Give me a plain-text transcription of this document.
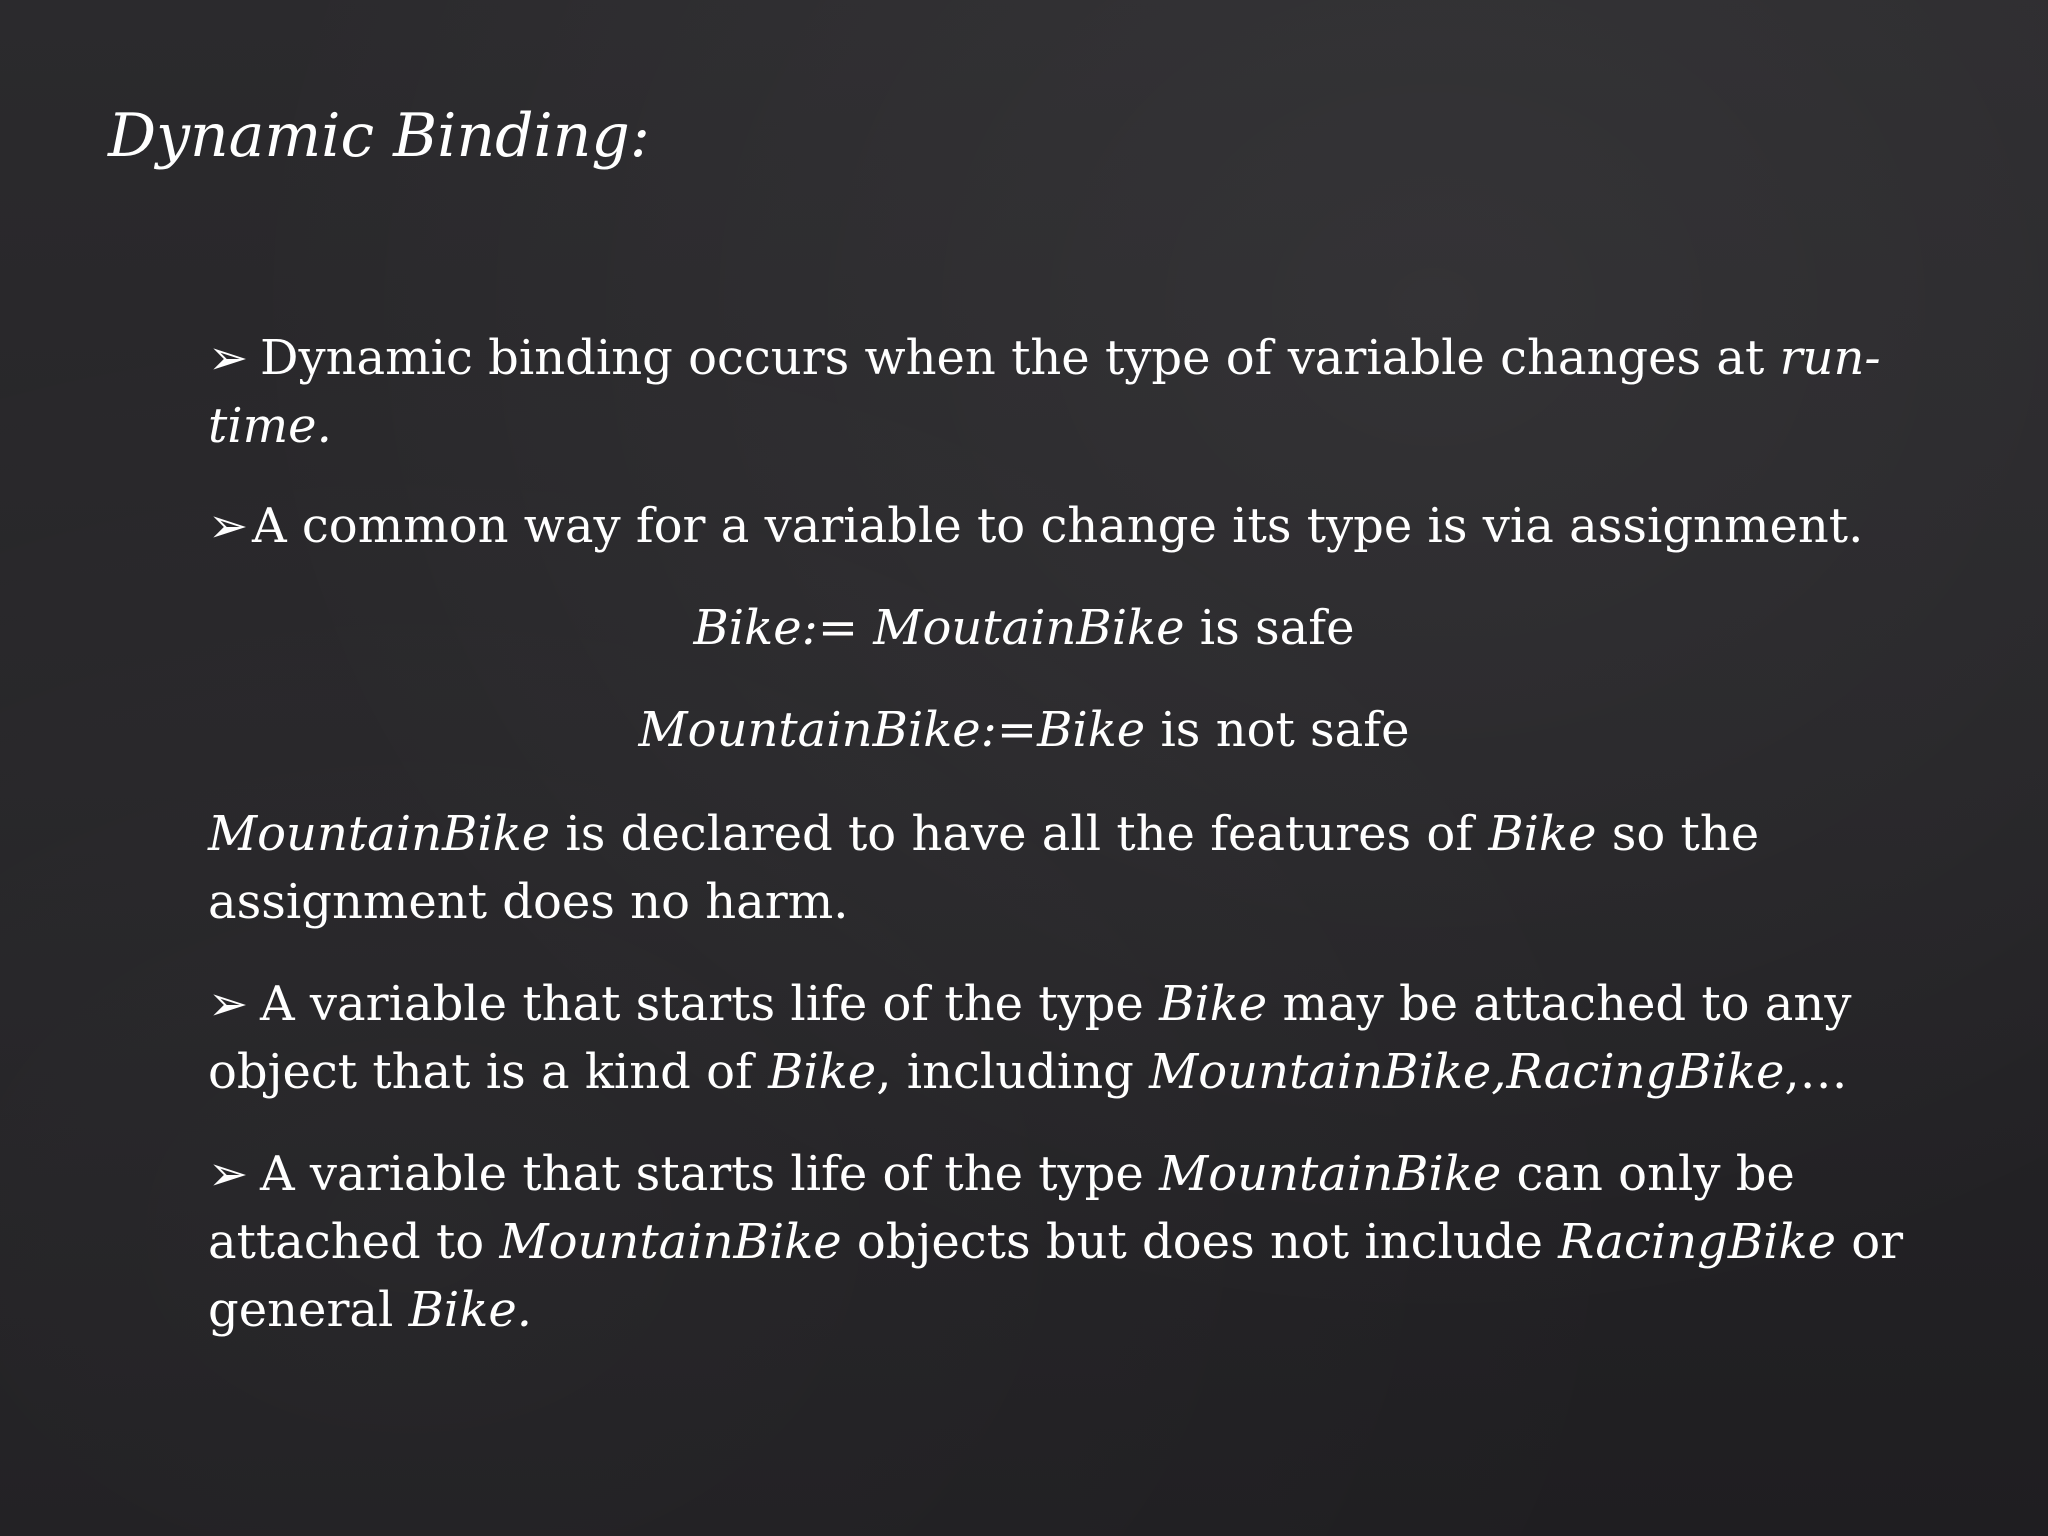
Dynamic Binding:
➢ Dynamic binding occurs when the type of variable changes at run-time.
➢A common way for a variable to change its type is via assignment.
Bike:= MoutainBike is safe
MountainBike:=Bike is not safe
MountainBike is declared to have all the features of Bike so the assignment does no harm.
➢ A variable that starts life of the type Bike may be attached to any object that is a kind of Bike, including MountainBike,RacingBike,…
➢ A variable that starts life of the type MountainBike can only be attached to MountainBike objects but does not include RacingBike or general Bike.
